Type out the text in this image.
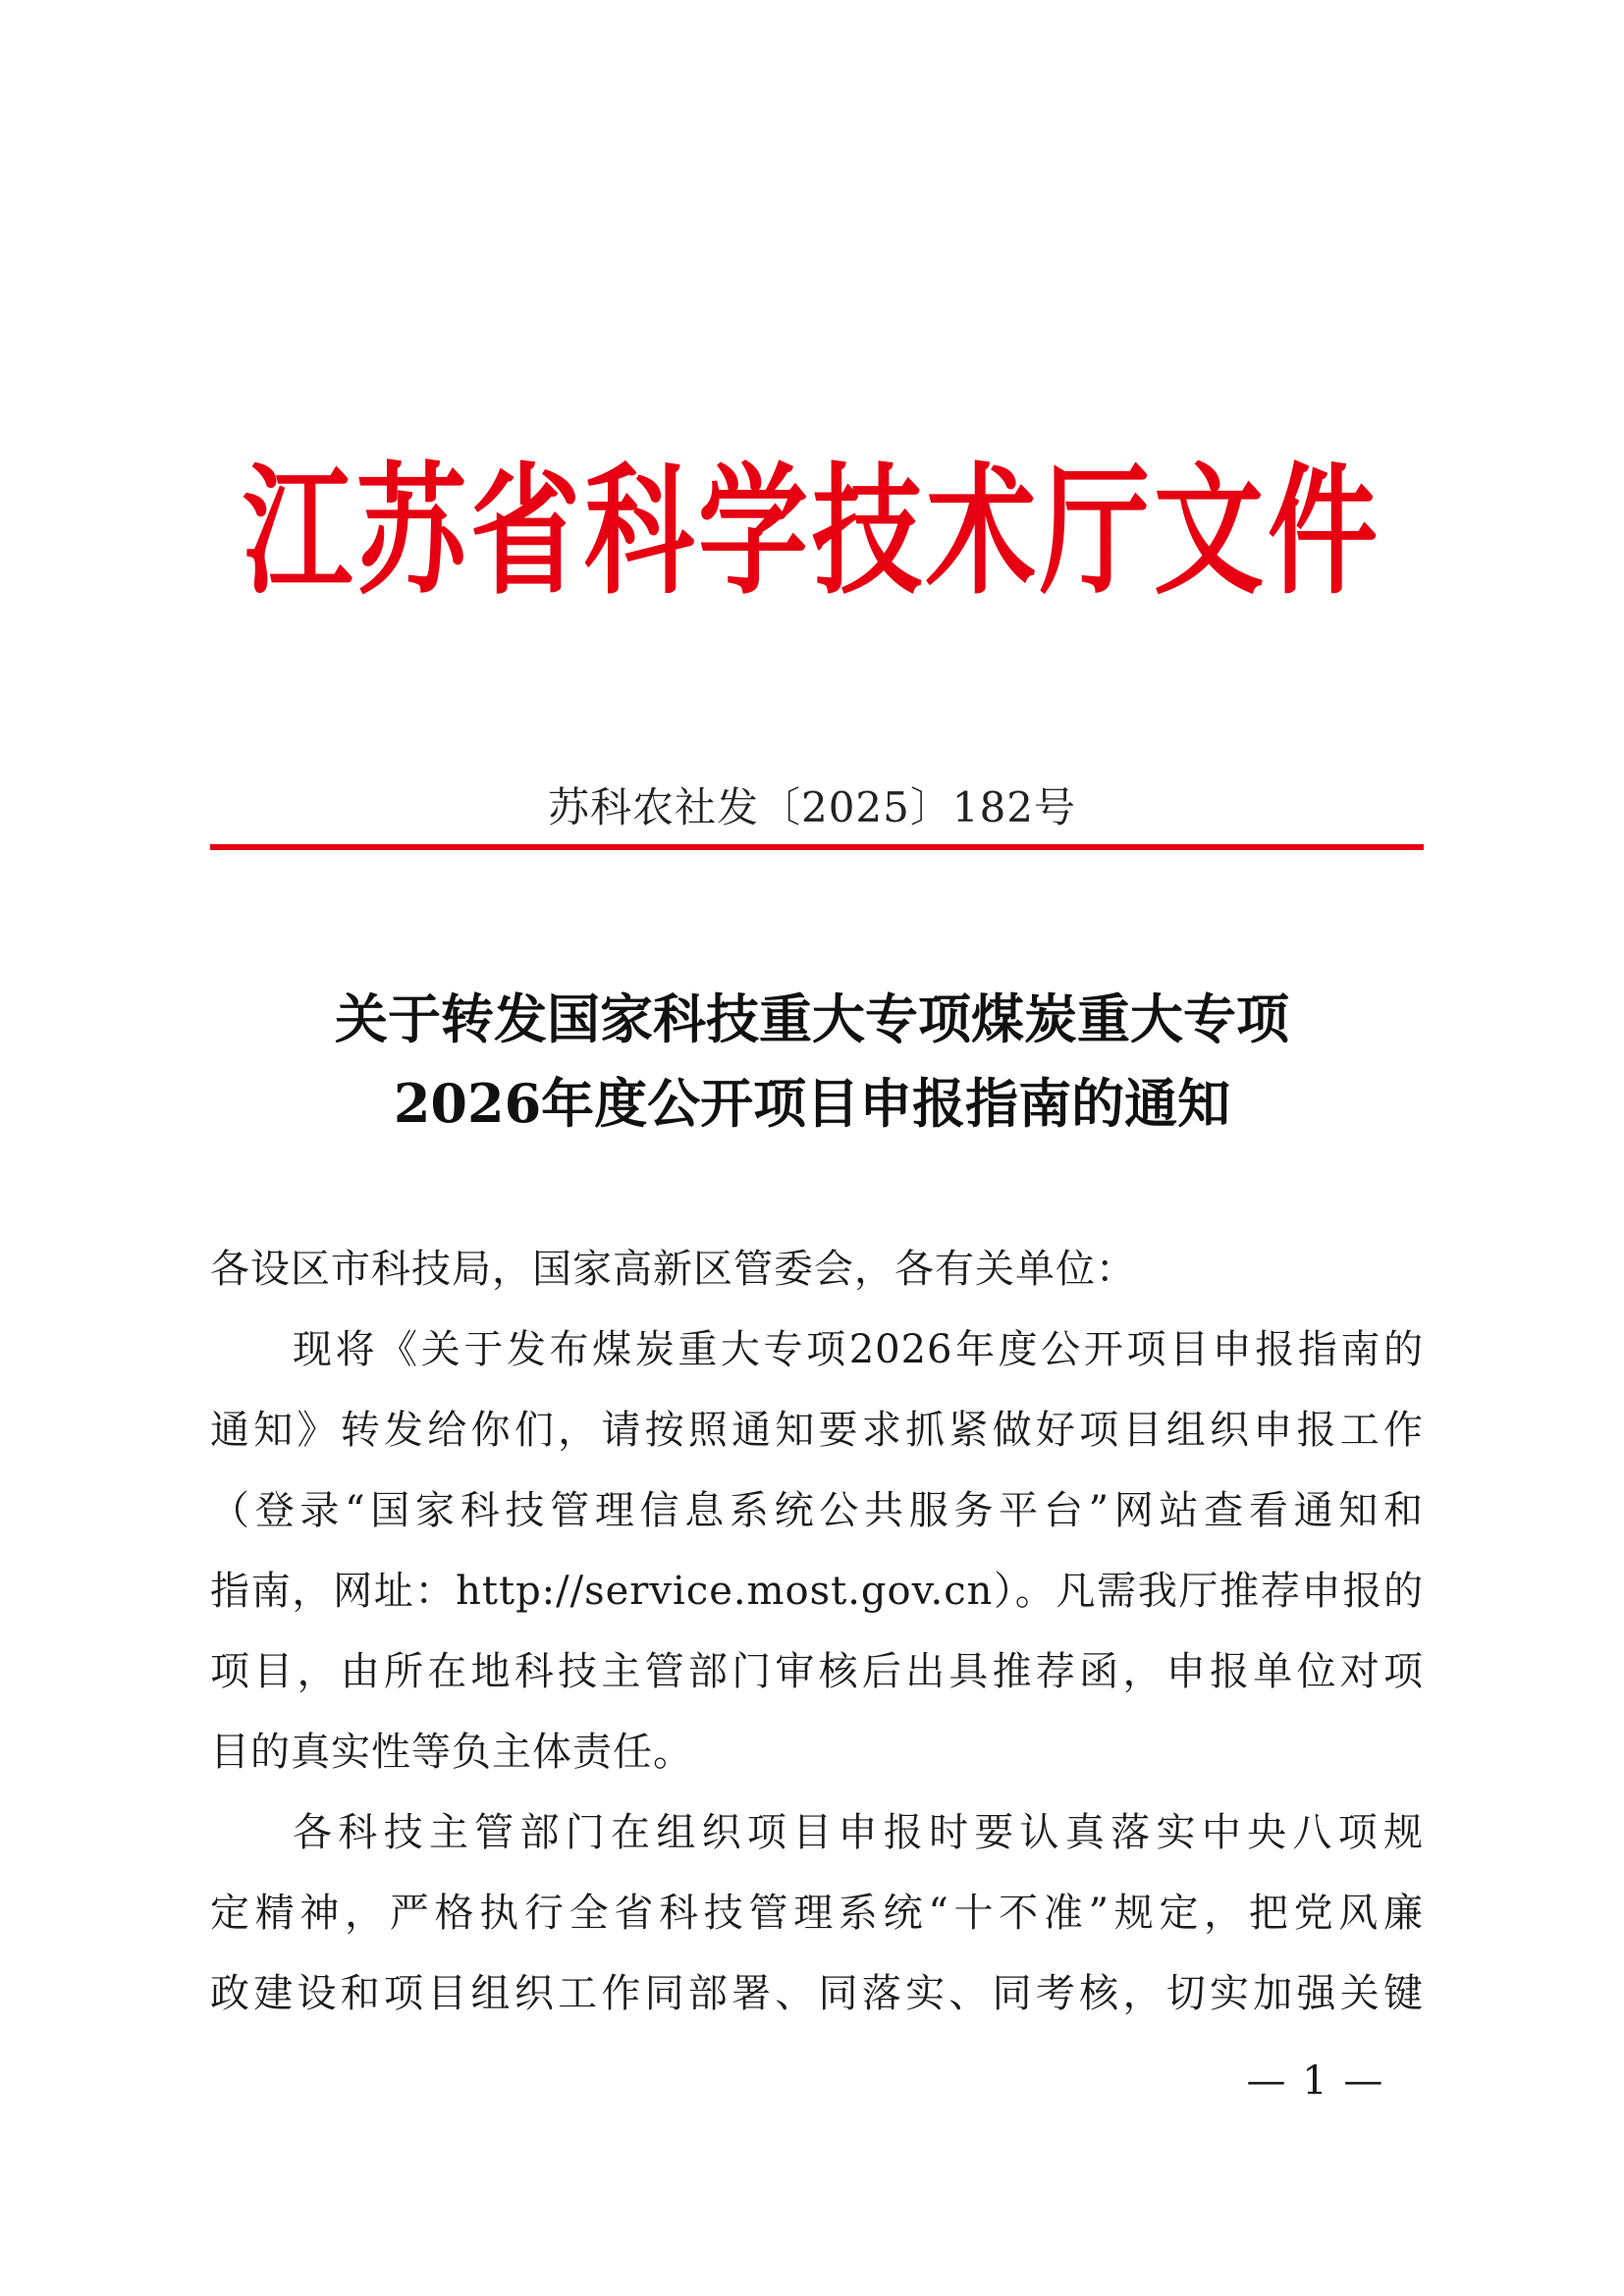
江苏省科学技术厅文件
苏科农社发〔2025〕182号
关于转发国家科技重大专项煤炭重大专项
2026年度公开项目申报指南的通知
各设区市科技局，国家高新区管委会，各有关单位：
现将《关于发布煤炭重大专项2026年度公开项目申报指南的
通知》转发给你们，请按照通知要求抓紧做好项目组织申报工作
（登录“国家科技管理信息系统公共服务平台”网站查看通知和
指南，网址：http://service.most.gov.cn）。凡需我厅推荐申报的
项目，由所在地科技主管部门审核后出具推荐函，申报单位对项
目的真实性等负主体责任。
各科技主管部门在组织项目申报时要认真落实中央八项规
定精神，严格执行全省科技管理系统“十不准”规定，把党风廉
政建设和项目组织工作同部署、同落实、同考核，切实加强关键
— 1 —
